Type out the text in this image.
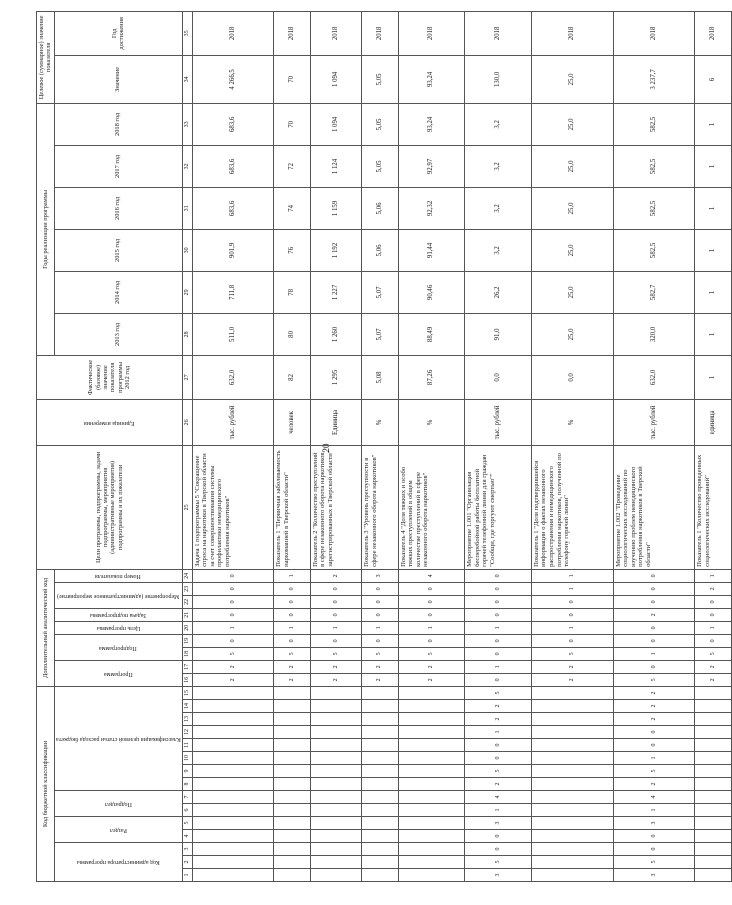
20
Код бюджетной классификации															Дополнительный аналитический код									Цели программы, подпрограммы, задачи подпрограммы, мероприятия (административные мероприятия) подпрограммы и их показатели	Единица измерения	Фактическое (базовое) значение показателя программы 2012 год	Годы реализации программы						Целевое (суммарное) значение показателя	

Код администратора программы			Раздел		Подраздел		Классификация целевой статьи расхода бюджета								Программа		Подпрограмма		Цель программы	Задача подпрограммы	Мероприятие (административное мероприятие)		Номер показателя				2013 год	2014 год	2015 год	2016 год	2017 год	2018 год	Значение	Год достижения

1	2	3	4	5	6	7	8	9	10	11	12	13	14	15	16	17	18	19	20	21	22	23	24	25	26	27	28	29	30	31	32	33	34	35
															2	2	5	0	1	0	0	0	0	Задача 1 подпрограммы 5 "Сокращение спроса на наркотики в Тверской области за счет совершенствования системы профилактики немедицинского потребления наркотиков"	тыс. рублей	632,0	511,0	711,8	901,9	683,6	683,6	683,6	4 266,5	2018
															2	2	5	0	1	0	0	0	1	Показатель 1 "Первичная заболеваемость наркоманией в Тверской области"	человек	82	80	78	76	74	72	70	70	2018
															2	2	5	0	1	0	0	0	2	Показатель 2 "Количество преступлений в сфере незаконного оборота наркотиков, зарегистрированных в Тверской области"	Единица	1 295	1 260	1 227	1 192	1 159	1 124	1 094	1 094	2018
															2	2	5	0	1	0	0	0	3	Показатель 3 "Уровень преступности в сфере незаконного оборота наркотиков"	%	5,08	5,07	5,07	5,06	5,06	5,05	5,05	5,05	2018
															2	2	5	0	1	0	0	0	4	Показатель 4 "Доля тяжких и особо тяжких преступлений в общем количестве преступлений в сфере незаконного оборота наркотиков"	%	87,26	88,49	90,46	91,44	92,32	92,97	93,24	93,24	2018
3	5	0	0	3	1	4	2	5	0	0	1	2	2	5	0	1	0	0	1	0	0	0	0	Мероприятие 1.001 "Организация бесперебойной работы бесплатной горячей телефонной линии для граждан "Сообщи, где торгуют смертью""	тыс. рублей	0,0	91,0	26,2	3,2	3,2	3,2	3,2	130,0	2018
															2	2	5	0	1	0	0	1	1	Показатель 1 "Доля подтвердившейся информации о фактах незаконного распространения и немедицинского потребления наркотиков, полученной по телефону горячей линии"	%	0,0	25,0	25,0	25,0	25,0	25,0	25,0	25,0	2018
3	5	0	0	3	1	4	2	5	1	0	0	2	2	2	5	0	1	0	0	2	0	0	0	Мероприятие 1.002 "Проведение социологических исследований по изучению проблем немедицинского потребления наркотиков в Тверской области"	тыс. рублей	632,0	320,0	582,7	582,5	582,5	582,5	582,5	3 237,7	2018
															2	2	5	0	1	0	0	2	1	Показатель 1 "Количество проведенных социологических исследований"	единица	1	1	1	1	1	1	1	6	2018
